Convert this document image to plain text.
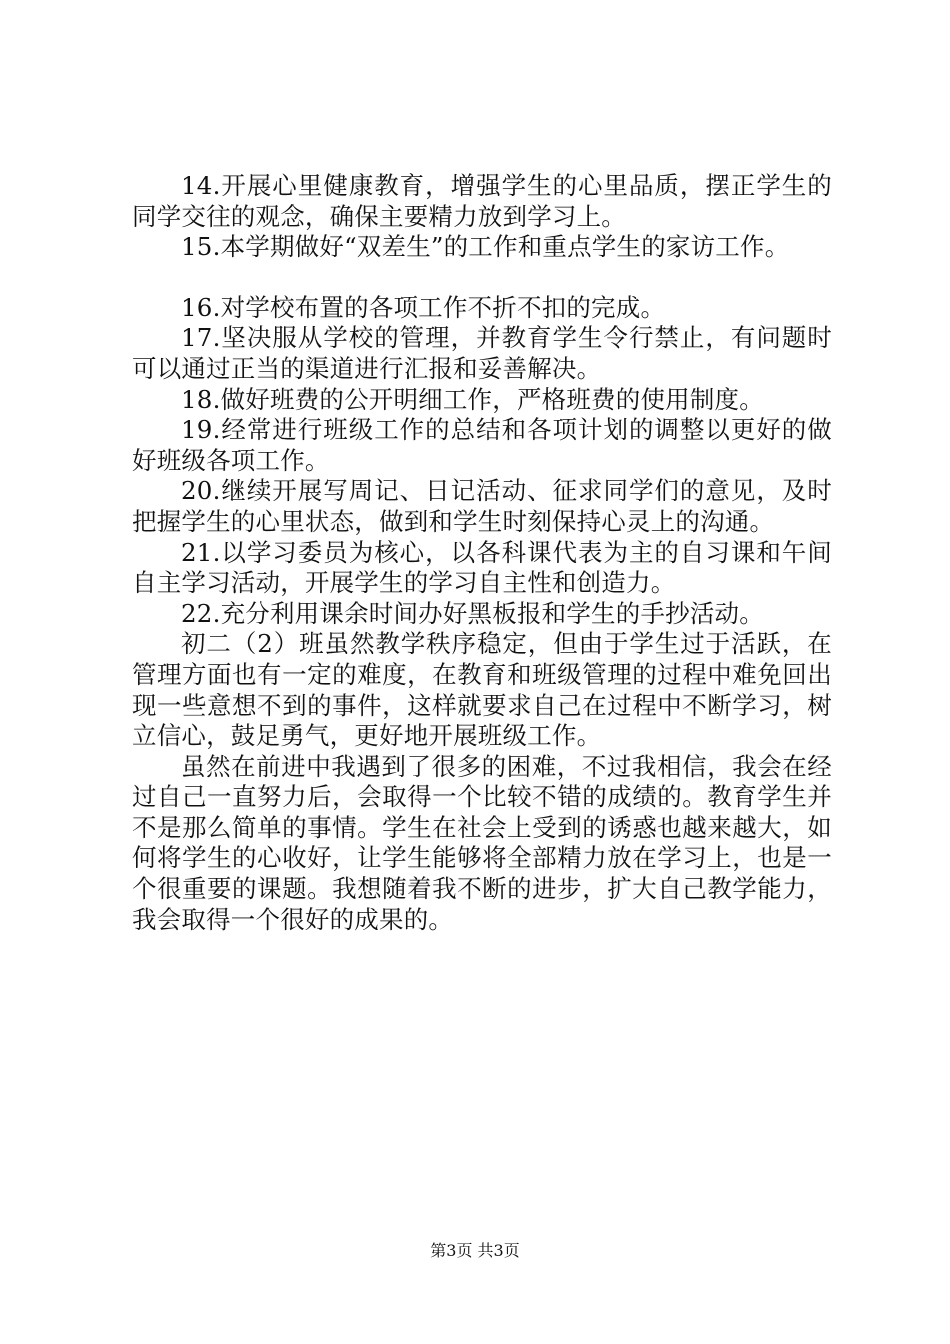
14.开展心里健康教育，增强学生的心里品质，摆正学生的同学交往的观念，确保主要精力放到学习上。

15.本学期做好“双差生”的工作和重点学生的家访工作。

16.对学校布置的各项工作不折不扣的完成。

17.坚决服从学校的管理，并教育学生令行禁止，有问题时可以通过正当的渠道进行汇报和妥善解决。

18.做好班费的公开明细工作，严格班费的使用制度。

19.经常进行班级工作的总结和各项计划的调整以更好的做好班级各项工作。

20.继续开展写周记、日记活动、征求同学们的意见，及时把握学生的心里状态，做到和学生时刻保持心灵上的沟通。

21.以学习委员为核心，以各科课代表为主的自习课和午间自主学习活动，开展学生的学习自主性和创造力。

22.充分利用课余时间办好黑板报和学生的手抄活动。

初二（2）班虽然教学秩序稳定，但由于学生过于活跃，在管理方面也有一定的难度，在教育和班级管理的过程中难免回出现一些意想不到的事件，这样就要求自己在过程中不断学习，树立信心，鼓足勇气，更好地开展班级工作。

虽然在前进中我遇到了很多的困难，不过我相信，我会在经过自己一直努力后，会取得一个比较不错的成绩的。教育学生并不是那么简单的事情。学生在社会上受到的诱惑也越来越大，如何将学生的心收好，让学生能够将全部精力放在学习上，也是一个很重要的课题。我想随着我不断的进步，扩大自己教学能力，我会取得一个很好的成果的。

第3页 共3页
